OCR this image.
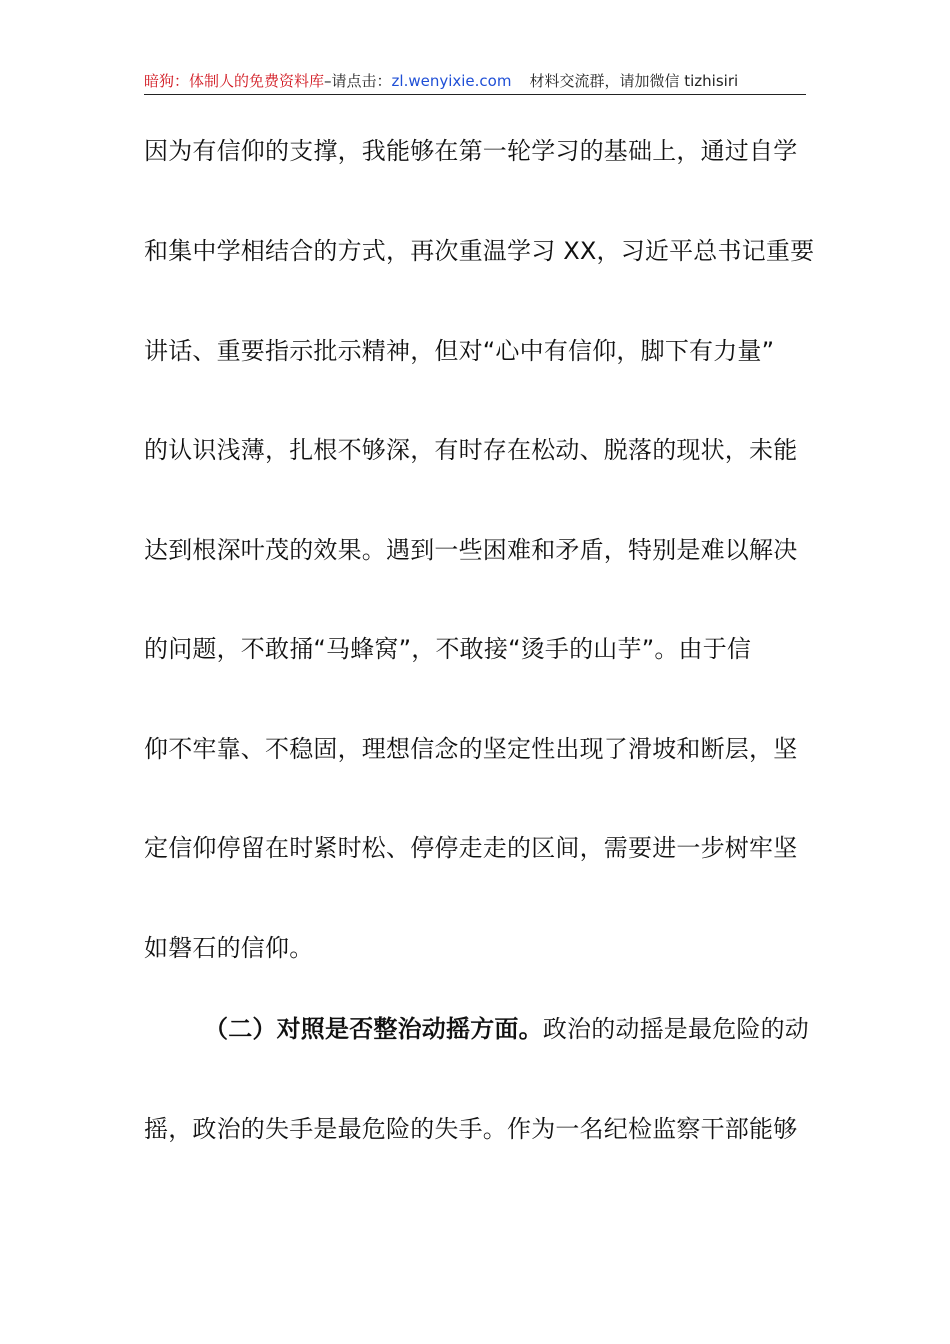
暗狗：体制人的免费资料库–请点击：zl.wenyixie.com 材料交流群，请加微信 tizhisiri
因为有信仰的支撑，我能够在第一轮学习的基础上，通过自学
和集中学相结合的方式，再次重温学习 XX，习近平总书记重要
讲话、重要指示批示精神，但对“心中有信仰，脚下有力量”
的认识浅薄，扎根不够深，有时存在松动、脱落的现状，未能
达到根深叶茂的效果。遇到一些困难和矛盾，特别是难以解决
的问题，不敢捅“马蜂窝”，不敢接“烫手的山芋”。由于信
仰不牢靠、不稳固，理想信念的坚定性出现了滑坡和断层，坚
定信仰停留在时紧时松、停停走走的区间，需要进一步树牢坚
如磐石的信仰。
（二）对照是否整治动摇方面。政治的动摇是最危险的动
摇，政治的失手是最危险的失手。作为一名纪检监察干部能够
